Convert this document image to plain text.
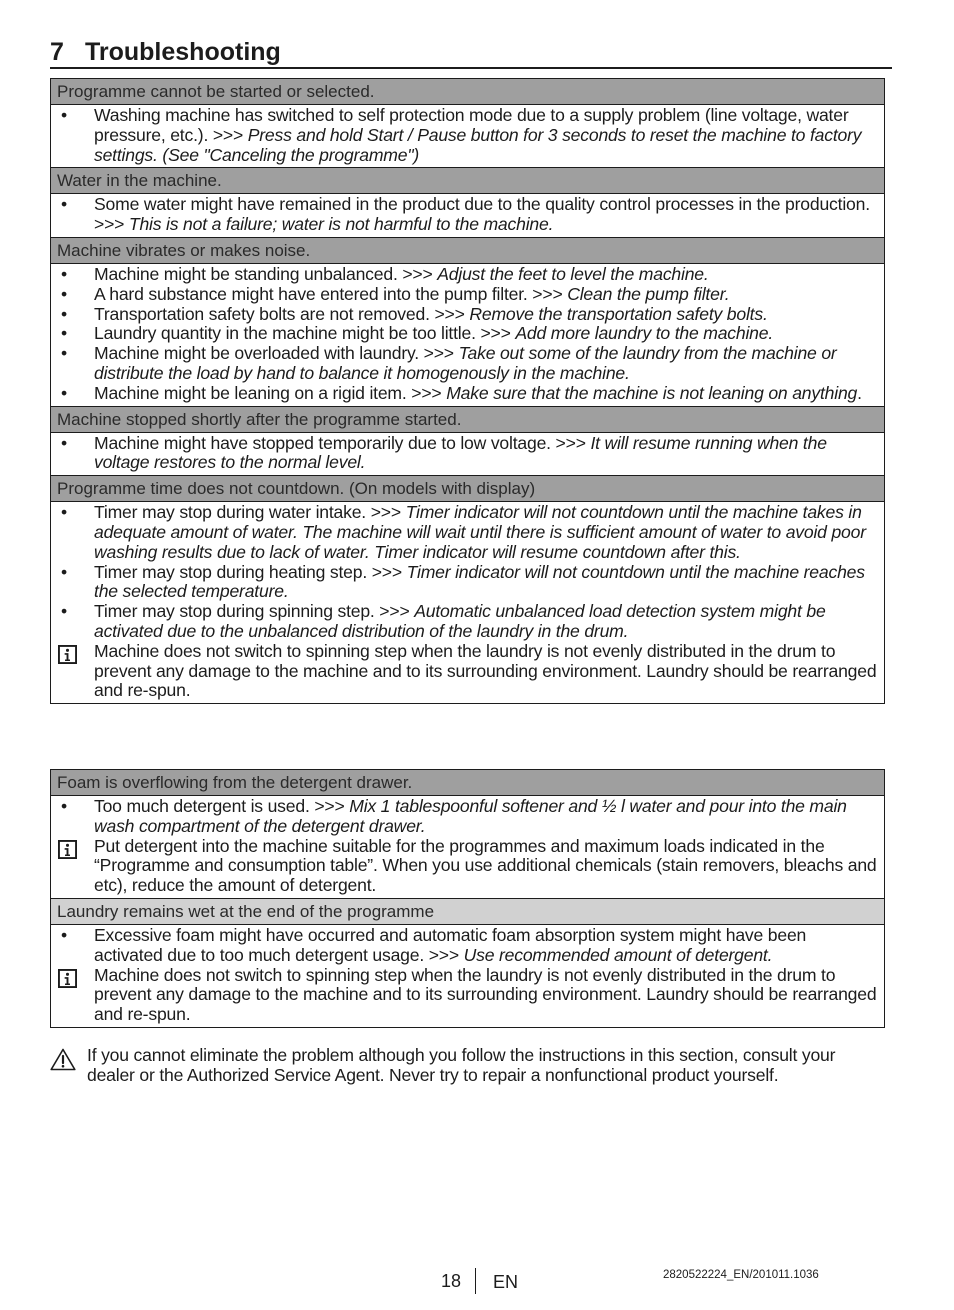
7 Troubleshooting
Programme cannot be started or selected.
• Washing machine has switched to self protection mode due to a supply problem (line voltage, water pressure, etc.). >>> Press and hold Start / Pause button for 3 seconds to reset the machine to factory settings. (See "Canceling the programme")
Water in the machine.
• Some water might have remained in the product due to the quality control processes in the production. >>> This is not a failure; water is not harmful to the machine.
Machine vibrates or makes noise.
• Machine might be standing unbalanced. >>> Adjust the feet to level the machine.
• A hard substance might have entered into the pump filter. >>> Clean the pump filter.
• Transportation safety bolts are not removed. >>> Remove the transportation safety bolts.
• Laundry quantity in the machine might be too little. >>> Add more laundry to the machine.
• Machine might be overloaded with laundry. >>> Take out some of the laundry from the machine or distribute the load by hand to balance it homogenously in the machine.
• Machine might be leaning on a rigid item. >>> Make sure that the machine is not leaning on anything.
Machine stopped shortly after the programme started.
• Machine might have stopped temporarily due to low voltage. >>> It will resume running when the voltage restores to the normal level.
Programme time does not countdown. (On models with display)
• Timer may stop during water intake. >>> Timer indicator will not countdown until the machine takes in adequate amount of water. The machine will wait until there is sufficient amount of water to avoid poor washing results due to lack of water. Timer indicator will resume countdown after this.
• Timer may stop during heating step. >>> Timer indicator will not countdown until the machine reaches the selected temperature.
• Timer may stop during spinning step. >>> Automatic unbalanced load detection system might be activated due to the unbalanced distribution of the laundry in the drum.
Machine does not switch to spinning step when the laundry is not evenly distributed in the drum to prevent any damage to the machine and to its surrounding environment. Laundry should be rearranged and re-spun.
Foam is overflowing from the detergent drawer.
• Too much detergent is used. >>> Mix 1 tablespoonful softener and ½ l water and pour into the main wash compartment of the detergent drawer.
Put detergent into the machine suitable for the programmes and maximum loads indicated in the “Programme and consumption table”. When you use additional chemicals (stain removers, bleachs and etc), reduce the amount of detergent.
Laundry remains wet at the end of the programme
• Excessive foam might have occurred and automatic foam absorption system might have been activated due to too much detergent usage. >>> Use recommended amount of detergent.
Machine does not switch to spinning step when the laundry is not evenly distributed in the drum to prevent any damage to the machine and to its surrounding environment. Laundry should be rearranged and re-spun.
If you cannot eliminate the problem although you follow the instructions in this section, consult your dealer or the Authorized Service Agent. Never try to repair a nonfunctional product yourself.
18 EN	2820522224_EN/201011.1036
